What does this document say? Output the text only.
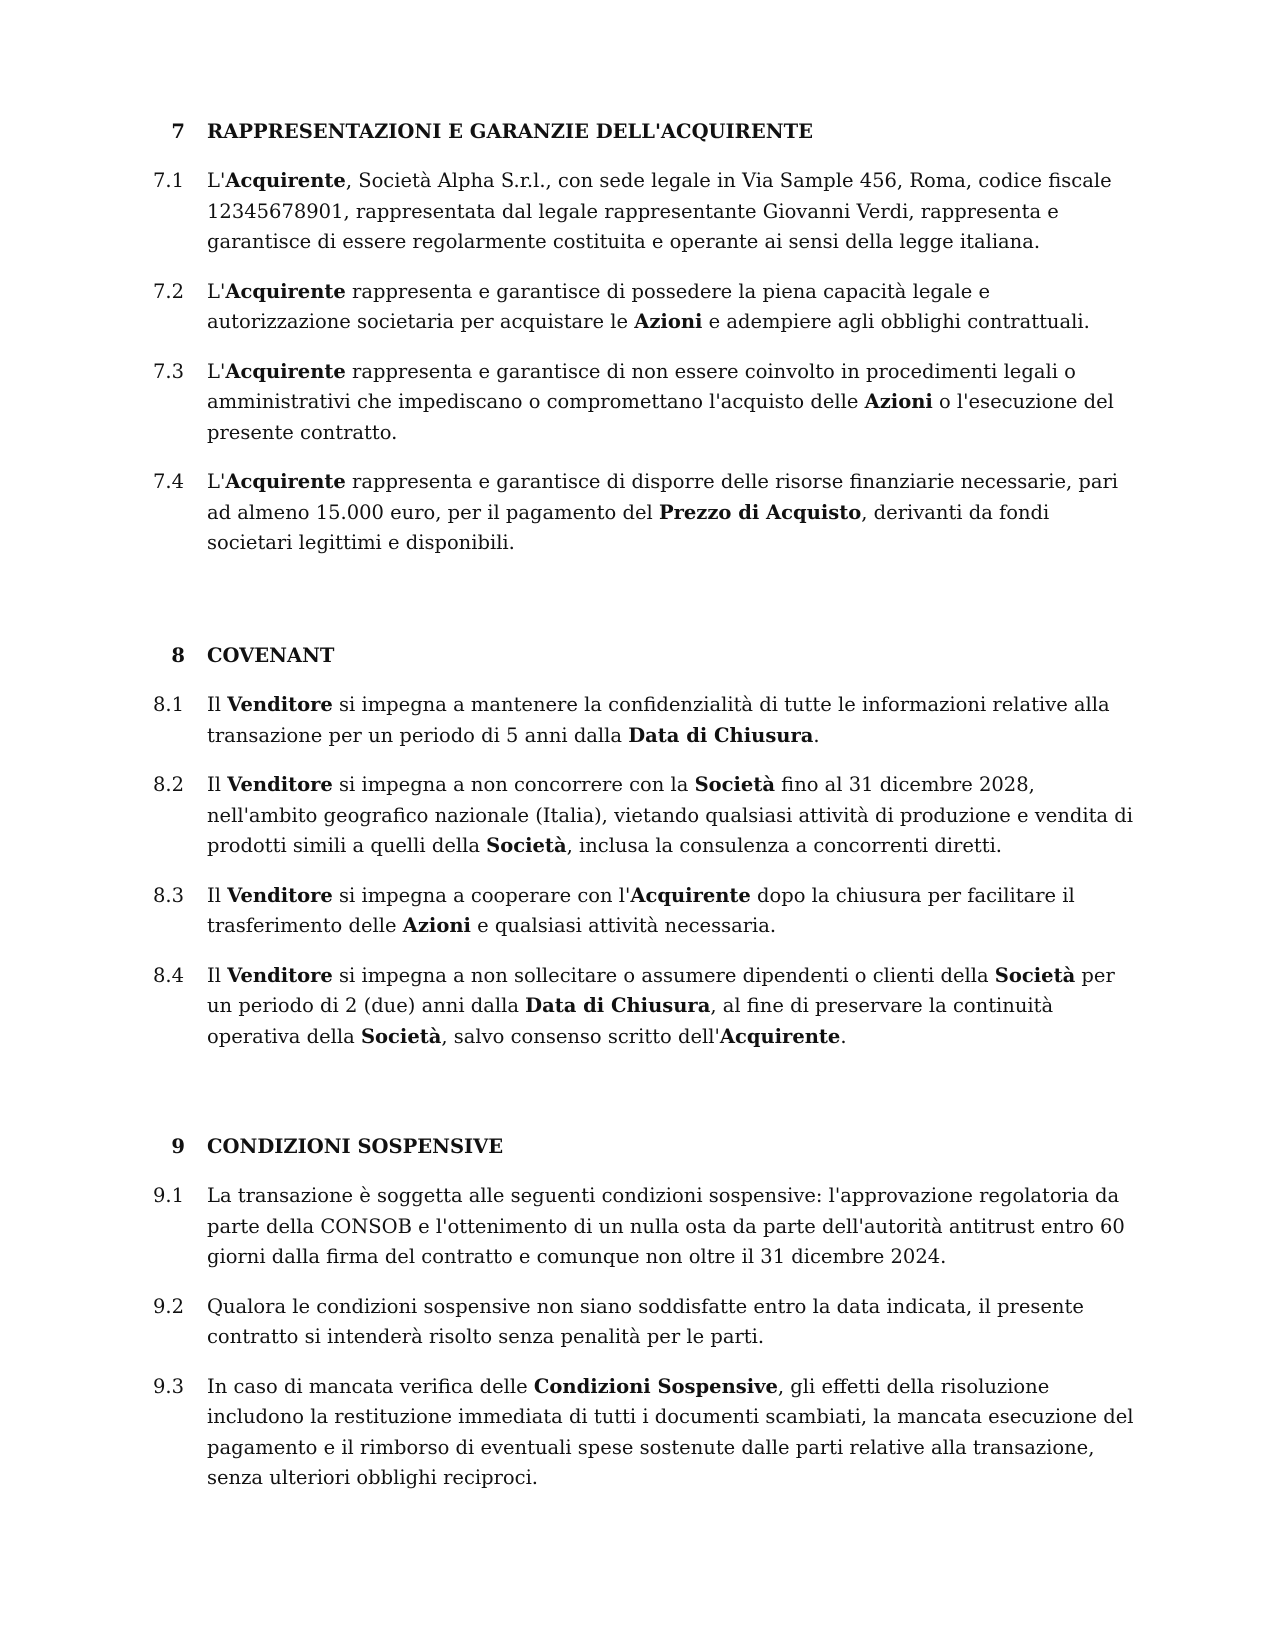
7 RAPPRESENTAZIONI E GARANZIE DELL'ACQUIRENTE
7.1 L'Acquirente, Società Alpha S.r.l., con sede legale in Via Sample 456, Roma, codice fiscale 12345678901, rappresentata dal legale rappresentante Giovanni Verdi, rappresenta e garantisce di essere regolarmente costituita e operante ai sensi della legge italiana.
7.2 L'Acquirente rappresenta e garantisce di possedere la piena capacità legale e autorizzazione societaria per acquistare le Azioni e adempiere agli obblighi contrattuali.
7.3 L'Acquirente rappresenta e garantisce di non essere coinvolto in procedimenti legali o amministrativi che impediscano o compromettano l'acquisto delle Azioni o l'esecuzione del presente contratto.
7.4 L'Acquirente rappresenta e garantisce di disporre delle risorse finanziarie necessarie, pari ad almeno 15.000 euro, per il pagamento del Prezzo di Acquisto, derivanti da fondi societari legittimi e disponibili.
8 COVENANT
8.1 Il Venditore si impegna a mantenere la confidenzialità di tutte le informazioni relative alla transazione per un periodo di 5 anni dalla Data di Chiusura.
8.2 Il Venditore si impegna a non concorrere con la Società fino al 31 dicembre 2028, nell'ambito geografico nazionale (Italia), vietando qualsiasi attività di produzione e vendita di prodotti simili a quelli della Società, inclusa la consulenza a concorrenti diretti.
8.3 Il Venditore si impegna a cooperare con l'Acquirente dopo la chiusura per facilitare il trasferimento delle Azioni e qualsiasi attività necessaria.
8.4 Il Venditore si impegna a non sollecitare o assumere dipendenti o clienti della Società per un periodo di 2 (due) anni dalla Data di Chiusura, al fine di preservare la continuità operativa della Società, salvo consenso scritto dell'Acquirente.
9 CONDIZIONI SOSPENSIVE
9.1 La transazione è soggetta alle seguenti condizioni sospensive: l'approvazione regolatoria da parte della CONSOB e l'ottenimento di un nulla osta da parte dell'autorità antitrust entro 60 giorni dalla firma del contratto e comunque non oltre il 31 dicembre 2024.
9.2 Qualora le condizioni sospensive non siano soddisfatte entro la data indicata, il presente contratto si intenderà risolto senza penalità per le parti.
9.3 In caso di mancata verifica delle Condizioni Sospensive, gli effetti della risoluzione includono la restituzione immediata di tutti i documenti scambiati, la mancata esecuzione del pagamento e il rimborso di eventuali spese sostenute dalle parti relative alla transazione, senza ulteriori obblighi reciproci.
